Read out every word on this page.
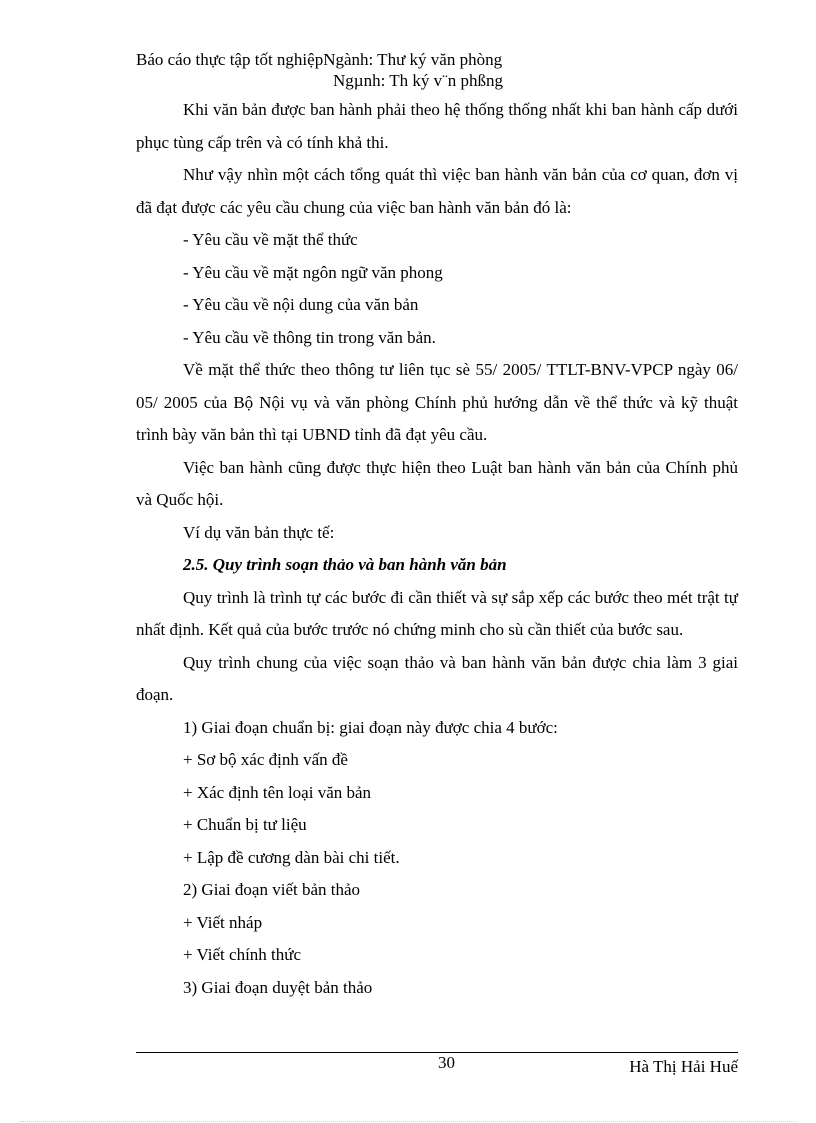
Báo cáo thực tập tốt nghiệpNgành: Thư ký văn phòng
Ngµnh: Th ký v¨n phßng

Khi văn bản được ban hành phải theo hệ thống thống nhất khi ban hành cấp dưới phục tùng cấp trên và có tính khả thi.

Như vậy nhìn một cách tổng quát thì việc ban hành văn bản của cơ quan, đơn vị đã đạt được các yêu cầu chung của việc ban hành văn bản đó là:

- Yêu cầu về mặt thể thức

- Yêu cầu về mặt ngôn ngữ văn phong

- Yêu cầu về nội dung của văn bản

- Yêu cầu về thông tin trong văn bản.

Về mặt thể thức theo thông tư liên tục sè 55/ 2005/ TTLT-BNV-VPCP ngày 06/ 05/ 2005 của Bộ Nội vụ và văn phòng Chính phủ hướng dẫn về thể thức và kỹ thuật trình bày văn bản thì tại UBND tỉnh đã đạt yêu cầu.

Việc ban hành cũng được thực hiện theo Luật ban hành văn bản của Chính phủ và Quốc hội.

Ví dụ văn bản thực tế:

2.5. Quy trình soạn thảo và ban hành văn bản

Quy trình là trình tự các bước đi cần thiết và sự sắp xếp các bước theo mét trật tự nhất định. Kết quả của bước trước nó chứng minh cho sù cần thiết của bước sau.

Quy trình chung của việc soạn thảo và ban hành văn bản được chia làm 3 giai đoạn.

1) Giai đoạn chuẩn bị: giai đoạn này được chia 4 bước:

+ Sơ bộ xác định vấn đề

+ Xác định tên loại văn bản

+ Chuẩn bị tư liệu

+ Lập đề cương dàn bài chi tiết.

2) Giai đoạn viết bản thảo

+ Viết nháp

+ Viết chính thức

3) Giai đoạn duyệt bản thảo

30	Hà Thị Hải Huế
